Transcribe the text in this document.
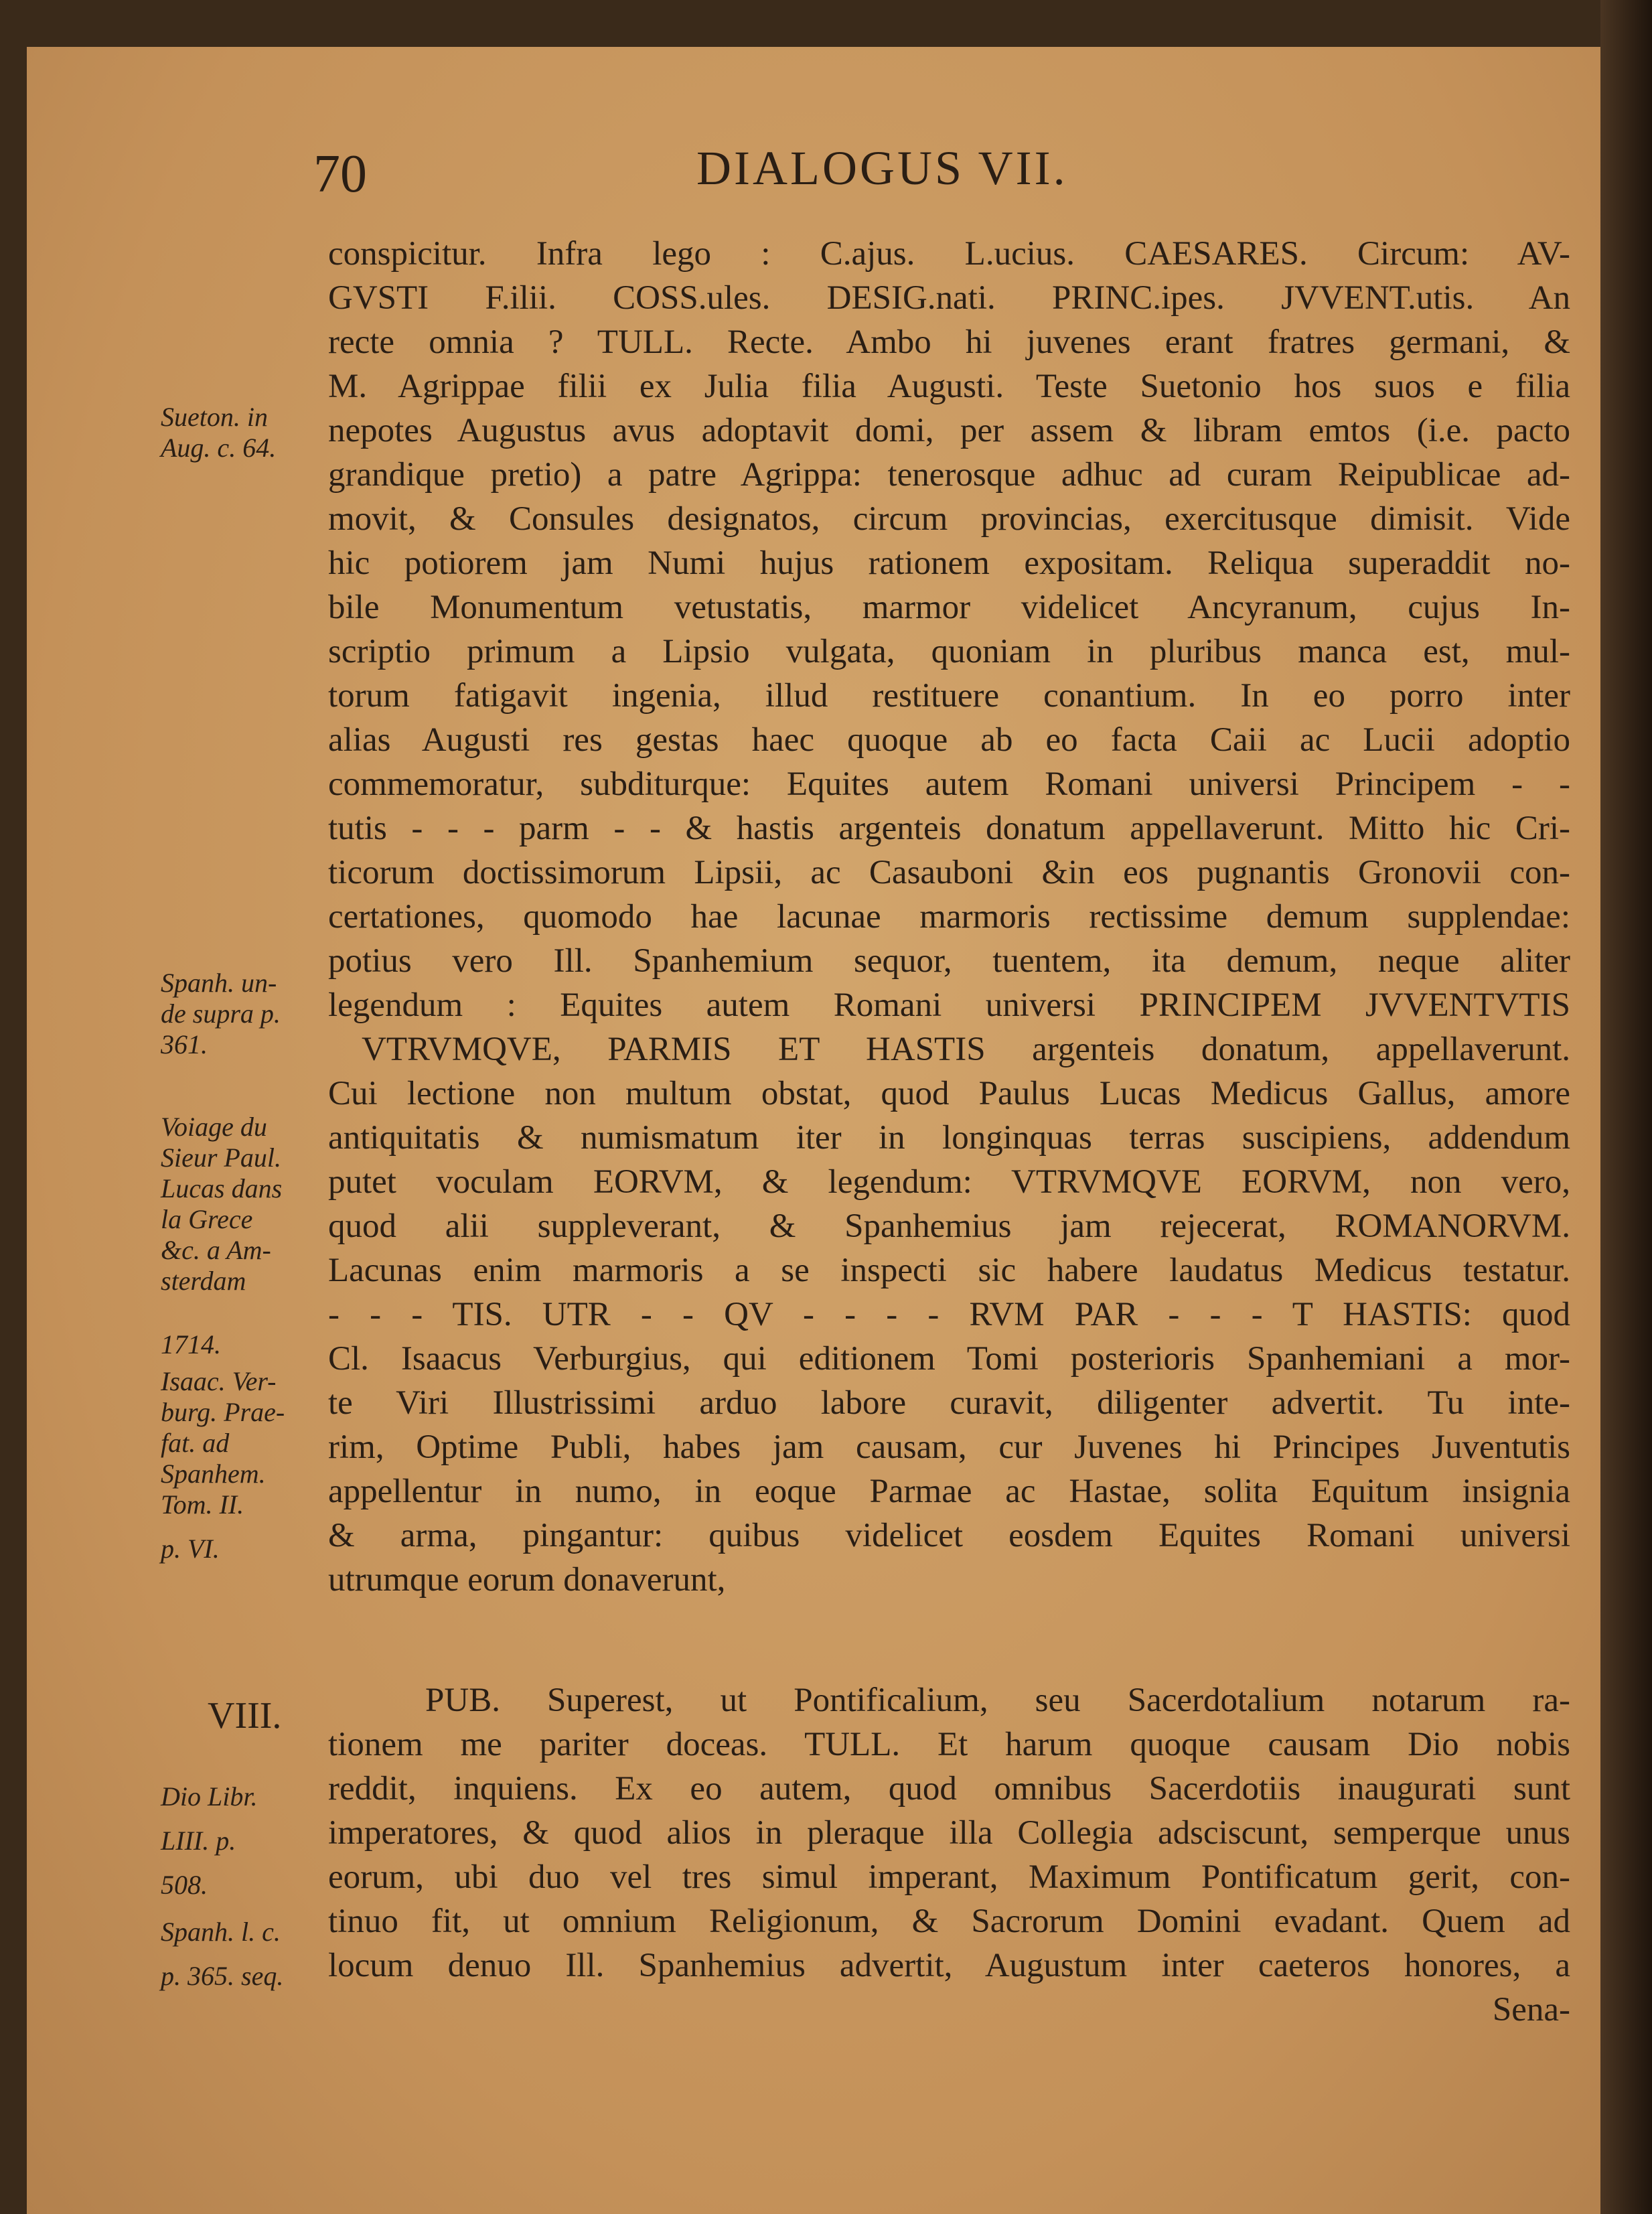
70	DIALOGUS VII.
conspicitur. Infra lego : C.ajus. L.ucius. CAESARES. Circum: AV-
GVSTI F.ilii. COSS.ules. DESIG.nati. PRINC.ipes. JVVENT.utis. An
recte omnia ? TULL. Recte. Ambo hi juvenes erant fratres germani, &
M. Agrippae filii ex Julia filia Augusti. Teste Suetonio hos suos e filia
nepotes Augustus avus adoptavit domi, per assem & libram emtos (i.e. pacto
grandique pretio) a patre Agrippa: tenerosque adhuc ad curam Reipublicae ad-
movit, & Consules designatos, circum provincias, exercitusque dimisit. Vide
hic potiorem jam Numi hujus rationem expositam. Reliqua superaddit no-
bile Monumentum vetustatis, marmor videlicet Ancyranum, cujus In-
scriptio primum a Lipsio vulgata, quoniam in pluribus manca est, mul-
torum fatigavit ingenia, illud restituere conantium. In eo porro inter
alias Augusti res gestas haec quoque ab eo facta Caii ac Lucii adoptio
commemoratur, subditurque: Equites autem Romani universi Principem - -
tutis - - - parm - - & hastis argenteis donatum appellaverunt. Mitto hic Cri-
ticorum doctissimorum Lipsii, ac Casauboni &in eos pugnantis Gronovii con-
certationes, quomodo hae lacunae marmoris rectissime demum supplendae:
potius vero Ill. Spanhemium sequor, tuentem, ita demum, neque aliter
legendum : Equites autem Romani universi PRINCIPEM JVVENTVTIS
VTRVMQVE, PARMIS ET HASTIS argenteis donatum, appellaverunt.
Cui lectione non multum obstat, quod Paulus Lucas Medicus Gallus, amore
antiquitatis & numismatum iter in longinquas terras suscipiens, addendum
putet voculam EORVM, & legendum: VTRVMQVE EORVM, non vero,
quod alii suppleverant, & Spanhemius jam rejecerat, ROMANORVM.
Lacunas enim marmoris a se inspecti sic habere laudatus Medicus testatur.
- - - TIS. UTR - - QV - - - - RVM PAR - - - T HASTIS: quod
Cl. Isaacus Verburgius, qui editionem Tomi posterioris Spanhemiani a mor-
te Viri Illustrissimi arduo labore curavit, diligenter advertit. Tu inte-
rim, Optime Publi, habes jam causam, cur Juvenes hi Principes Juventutis
appellentur in numo, in eoque Parmae ac Hastae, solita Equitum insignia
& arma, pingantur: quibus videlicet eosdem Equites Romani universi
utrumque eorum donaverunt,
PUB. Superest, ut Pontificalium, seu Sacerdotalium notarum ra-
tionem me pariter doceas. TULL. Et harum quoque causam Dio nobis
reddit, inquiens. Ex eo autem, quod omnibus Sacerdotiis inaugurati sunt
imperatores, & quod alios in pleraque illa Collegia adsciscunt, semperque unus
eorum, ubi duo vel tres simul imperant, Maximum Pontificatum gerit, con-
tinuo fit, ut omnium Religionum, & Sacrorum Domini evadant. Quem ad
locum denuo Ill. Spanhemius advertit, Augustum inter caeteros honores, a
Sena-
VIII.
Sueton. in
Aug. c. 64.
Spanh. un-
de supra p.
361.
Voiage du
Sieur Paul.
Lucas dans
la Grece
&c. a Am-
sterdam
1714.
Isaac. Ver-
burg. Prae-
fat. ad
Spanhem.
Tom. II.
p. VI.
Dio Libr.
LIII. p.
508.
Spanh. l. c.
p. 365. seq.
